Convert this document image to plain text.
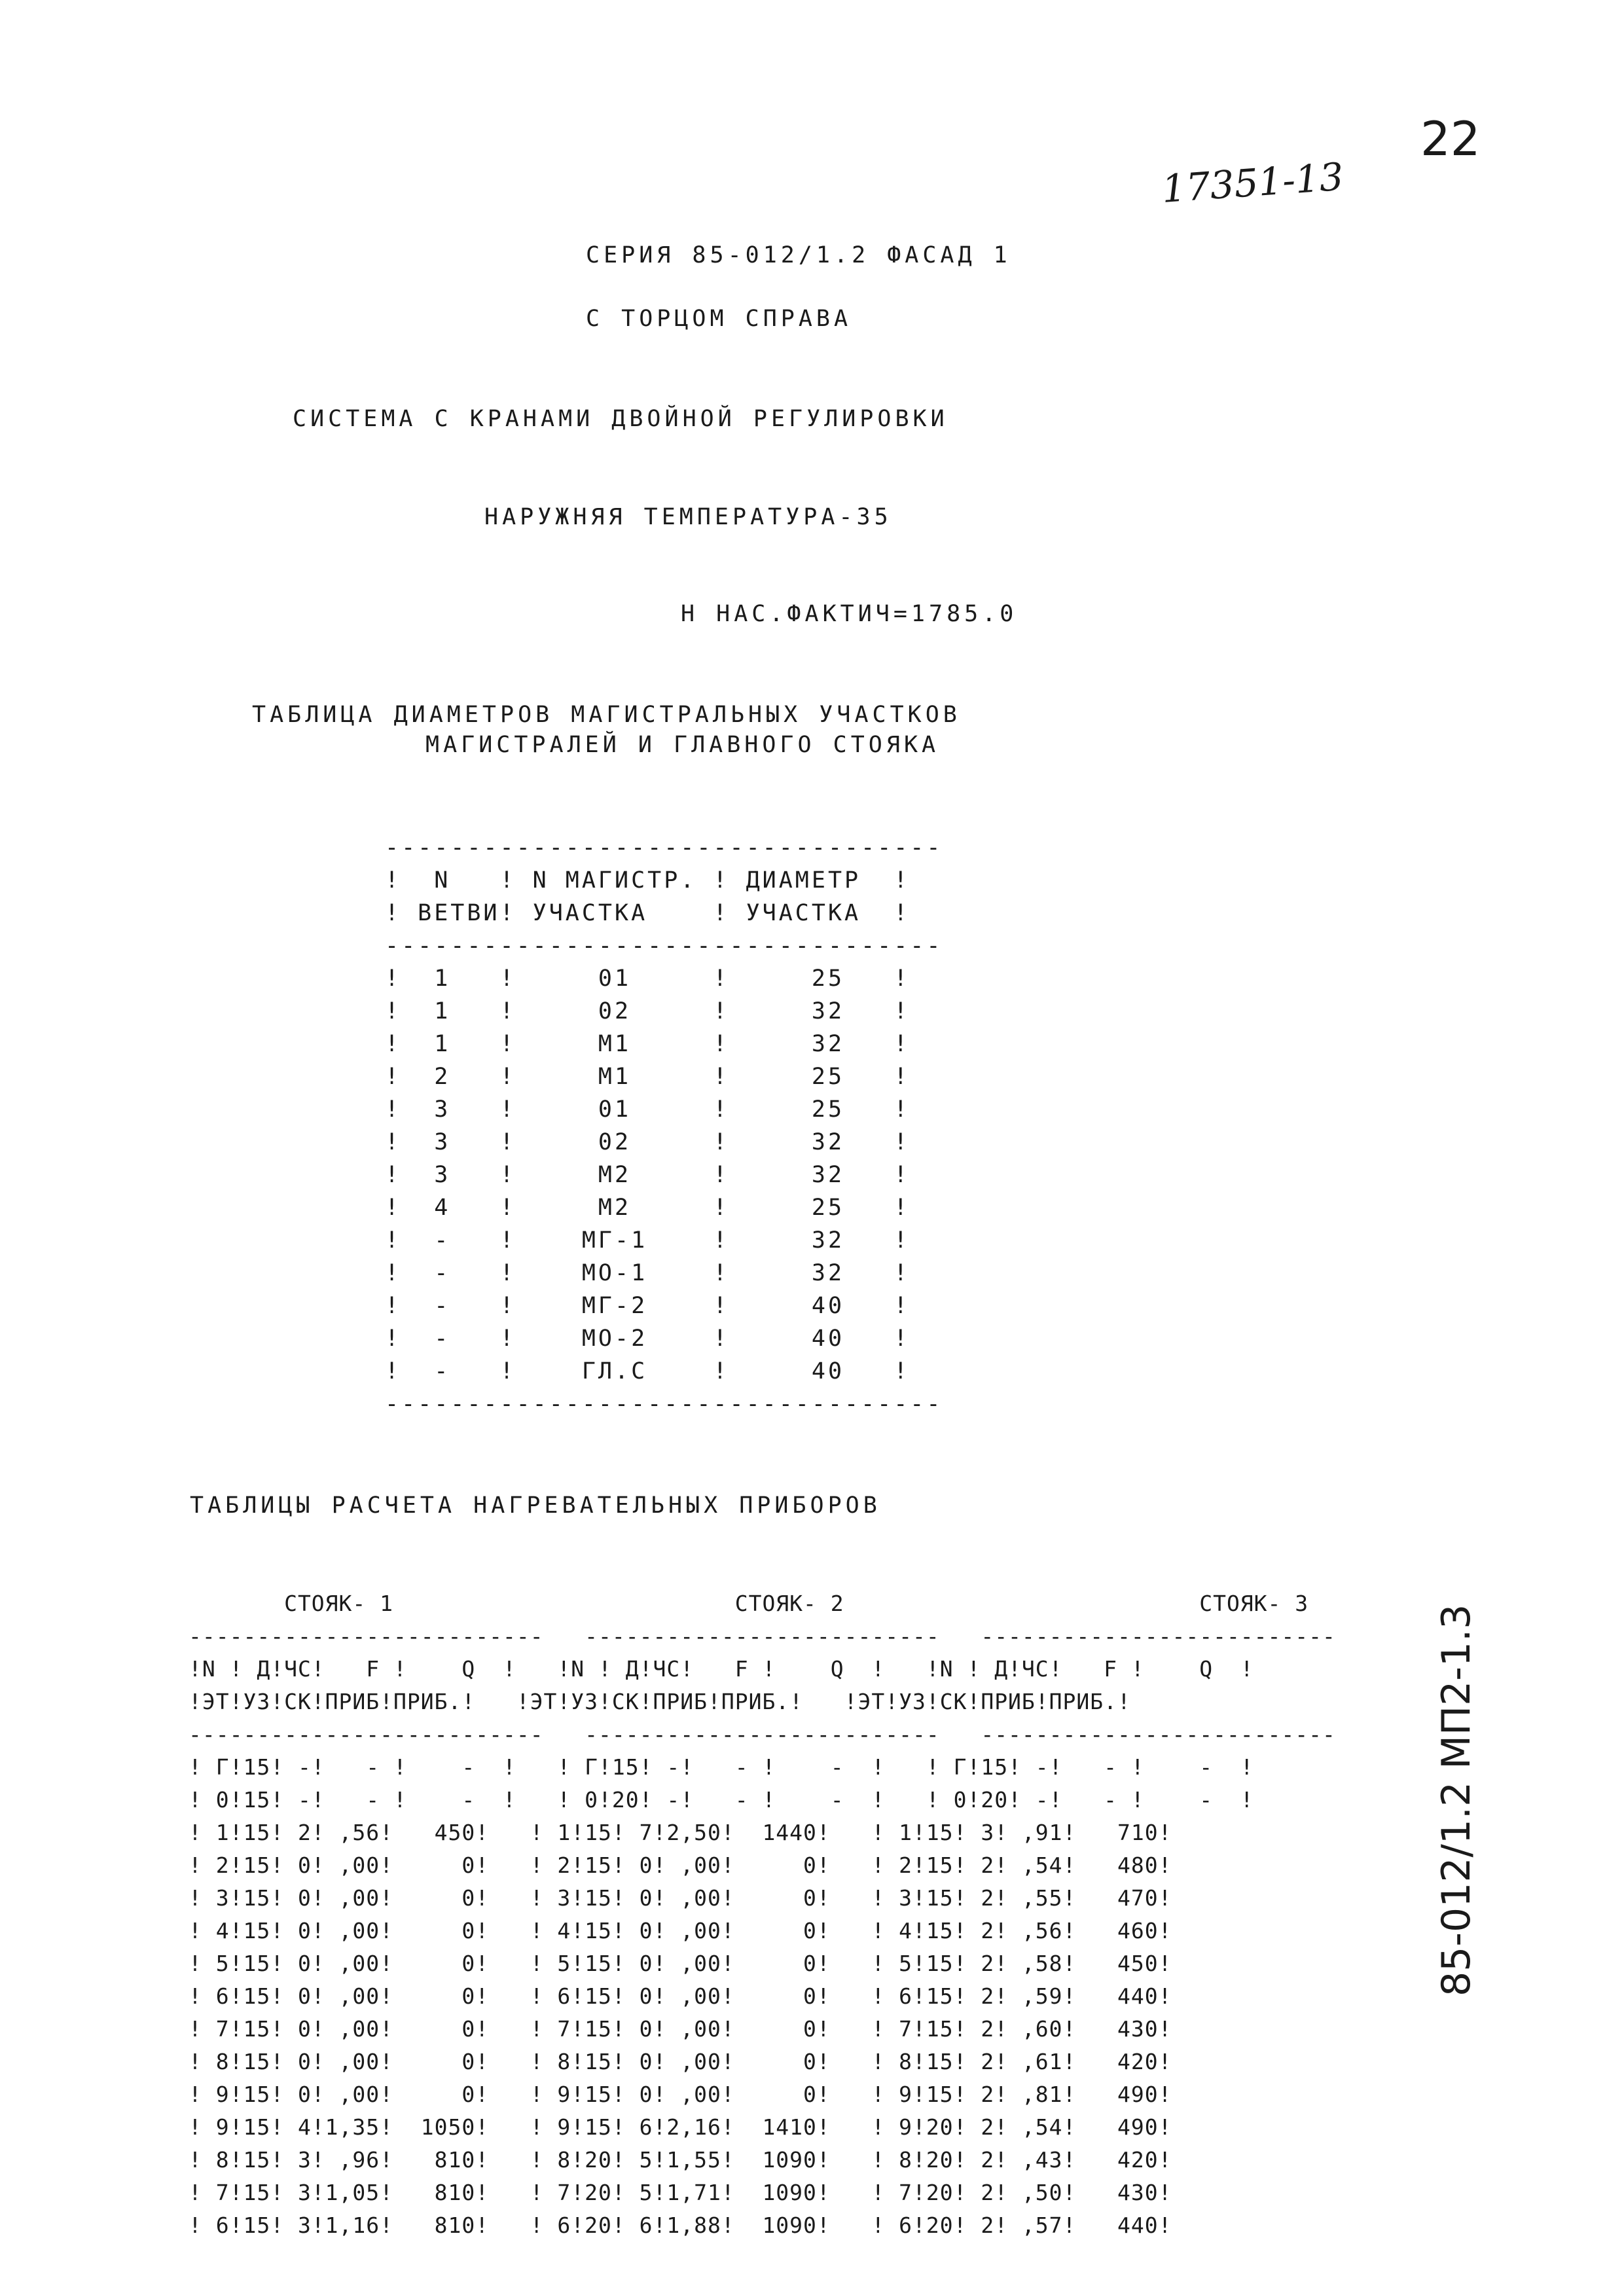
22
17351-13
СЕРИЯ 85-012/1.2 ФАСАД 1
С ТОРЦОМ СПРАВА
СИСТЕМА С КРАНАМИ ДВОЙНОЙ РЕГУЛИРОВКИ
НАРУЖНЯЯ ТЕМПЕРАТУРА-35
Н НАС.ФАКТИЧ=1785.0
ТАБЛИЦА ДИАМЕТРОВ МАГИСТРАЛЬНЫХ УЧАСТКОВ
МАГИСТРАЛЕЙ И ГЛАВНОГО СТОЯКА
----------------------------------
!  N   ! N МАГИСТР. ! ДИАМЕТР  !
! ВЕТВИ! УЧАСТКА    ! УЧАСТКА  !
----------------------------------
!  1   !     01     !     25   !
!  1   !     02     !     32   !
!  1   !     М1     !     32   !
!  2   !     М1     !     25   !
!  3   !     01     !     25   !
!  3   !     02     !     32   !
!  3   !     М2     !     32   !
!  4   !     М2     !     25   !
!  -   !    МГ-1    !     32   !
!  -   !    МО-1    !     32   !
!  -   !    МГ-2    !     40   !
!  -   !    МО-2    !     40   !
!  -   !    ГЛ.С    !     40   !
----------------------------------
ТАБЛИЦЫ РАСЧЕТА НАГРЕВАТЕЛЬНЫХ ПРИБОРОВ
СТОЯК- 1                         СТОЯК- 2                          СТОЯК- 3
--------------------------   --------------------------   --------------------------
!N ! Д!ЧС!   F !    Q  !   !N ! Д!ЧС!   F !    Q  !   !N ! Д!ЧС!   F !    Q  !
!ЭТ!УЗ!СК!ПРИБ!ПРИБ.!   !ЭТ!УЗ!СК!ПРИБ!ПРИБ.!   !ЭТ!УЗ!СК!ПРИБ!ПРИБ.!
--------------------------   --------------------------   --------------------------
! Г!15! -!   - !    -  !   ! Г!15! -!   - !    -  !   ! Г!15! -!   - !    -  !
! 0!15! -!   - !    -  !   ! 0!20! -!   - !    -  !   ! 0!20! -!   - !    -  !
! 1!15! 2! ,56!   450!   ! 1!15! 7!2,50!  1440!   ! 1!15! 3! ,91!   710!
! 2!15! 0! ,00!     0!   ! 2!15! 0! ,00!     0!   ! 2!15! 2! ,54!   480!
! 3!15! 0! ,00!     0!   ! 3!15! 0! ,00!     0!   ! 3!15! 2! ,55!   470!
! 4!15! 0! ,00!     0!   ! 4!15! 0! ,00!     0!   ! 4!15! 2! ,56!   460!
! 5!15! 0! ,00!     0!   ! 5!15! 0! ,00!     0!   ! 5!15! 2! ,58!   450!
! 6!15! 0! ,00!     0!   ! 6!15! 0! ,00!     0!   ! 6!15! 2! ,59!   440!
! 7!15! 0! ,00!     0!   ! 7!15! 0! ,00!     0!   ! 7!15! 2! ,60!   430!
! 8!15! 0! ,00!     0!   ! 8!15! 0! ,00!     0!   ! 8!15! 2! ,61!   420!
! 9!15! 0! ,00!     0!   ! 9!15! 0! ,00!     0!   ! 9!15! 2! ,81!   490!
! 9!15! 4!1,35!  1050!   ! 9!15! 6!2,16!  1410!   ! 9!20! 2! ,54!   490!
! 8!15! 3! ,96!   810!   ! 8!20! 5!1,55!  1090!   ! 8!20! 2! ,43!   420!
! 7!15! 3!1,05!   810!   ! 7!20! 5!1,71!  1090!   ! 7!20! 2! ,50!   430!
! 6!15! 3!1,16!   810!   ! 6!20! 6!1,88!  1090!   ! 6!20! 2! ,57!   440!
85-012/1.2 МП2-1.3
